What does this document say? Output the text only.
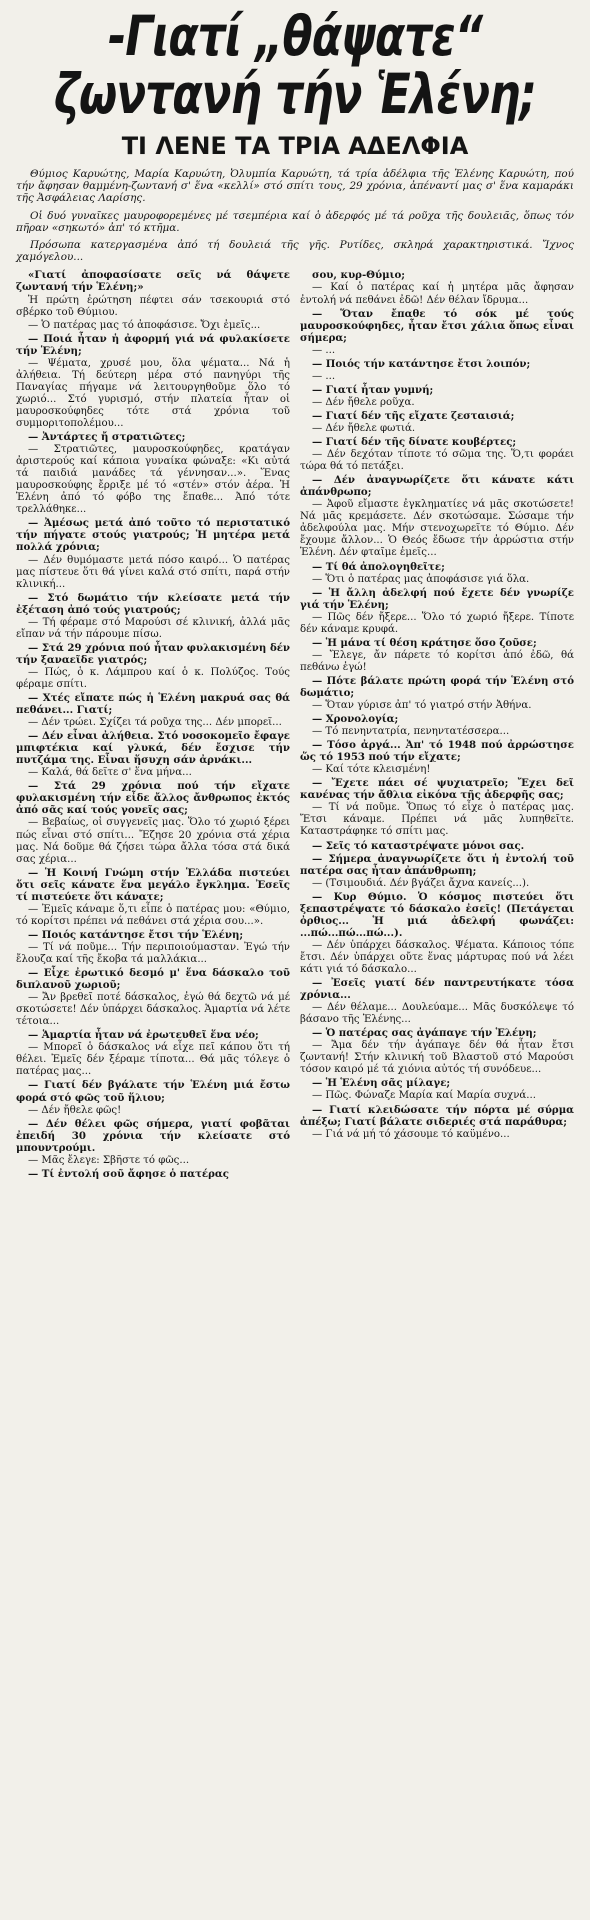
-Γιατί „θάψατε“
ζωντανή τήν Ἑλένη;
ΤΙ ΛΕΝΕ ΤΑ ΤΡΙΑ ΑΔΕΛΦΙΑ

Θύμιος Καρυώτης, Μαρία Καρυώτη, Ὀλυμπία Καρυώτη, τά τρία ἀδέλφια τῆς Ἑλένης Καρυώτη, πού τήν ἄφησαν θαμμένη-ζωντανή σ' ἕνα «κελλί» στό σπίτι τους, 29 χρόνια, ἀπέναντί μας σ' ἕνα καμαράκι τῆς Ἀσφάλειας Λαρίσης.

Οἱ δυό γυναῖκες μαυροφορεμένες μέ τσεμπέρια καί ὁ ἀδερφός μέ τά ροῦχα τῆς δουλειᾶς, ὅπως τόν πῆραν «σηκωτό» ἀπ' τό κτῆμα.

Πρόσωπα κατεργασμένα ἀπό τή δουλειά τῆς γῆς. Ρυτίδες, σκληρά χαρακτηριστικά. Ἴχνος χαμόγελου...

«Γιατί ἀποφασίσατε σεῖς νά θάψετε ζωντανή τήν Ἑλένη;»

Ἡ πρώτη ἐρώτηση πέφτει σάν τσεκουριά στό σβέρκο τοῦ Θύμιου.

— Ὁ πατέρας μας τό ἀποφάσισε. Ὄχι ἐμεῖς...

— Ποιά ἦταν ἡ ἀφορμή γιά νά φυλακίσετε τήν Ἑλένη;

— Ψέματα, χρυσέ μου, ὅλα ψέματα... Νά ἡ ἀλήθεια. Τή δεύτερη μέρα στό πανηγύρι τῆς Παναγίας πήγαμε νά λειτουργηθοῦμε ὅλο τό χωριό... Στό γυρισμό, στήν πλατεία ἦταν οἱ μαυροσκούφηδες τότε στά χρόνια τοῦ συμμοριτοπολέμου...

— Ἀντάρτες ἤ στρατιῶτες;

— Στρατιῶτες, μαυροσκούφηδες, κρατάγαν ἀριστερούς καί κάποια γυναίκα φώναξε: «Κι αὐτά τά παιδιά μανάδες τά γέννησαν...». Ἕνας μαυροσκούφης ἔρριξε μέ τό «στέν» στόν ἀέρα. Ἡ Ἑλένη ἀπό τό φόβο της ἔπαθε... Ἀπό τότε τρελλάθηκε...

— Ἀμέσως μετά ἀπό τοῦτο τό περιστατικό τήν πήγατε στούς γιατρούς; Ἡ μητέρα μετά πολλά χρόνια;

— Δέν θυμόμαστε μετά πόσο καιρό... Ὁ πατέρας μας πίστευε ὅτι θά γίνει καλά στό σπίτι, παρά στήν κλινική...

— Στό δωμάτιο τήν κλείσατε μετά τήν ἐξέταση ἀπό τούς γιατρούς;

— Τή φέραμε στό Μαρούσι σέ κλινική, ἀλλά μᾶς εἴπαν νά τήν πάρουμε πίσω.

— Στά 29 χρόνια πού ἦταν φυλακισμένη δέν τήν ξαναεῖδε γιατρός;

— Πώς, ὁ κ. Λάμπρου καί ὁ κ. Πολύζος. Τούς φέραμε σπίτι.

— Χτές εἴπατε πώς ἡ Ἑλένη μακρυά σας θά πεθάνει... Γιατί;

— Δέν τρώει. Σχίζει τά ροῦχα της... Δέν μπορεῖ...

— Δέν εἶναι ἀλήθεια. Στό νοσοκομεῖο ἔφαγε μπιφτέκια καί γλυκά, δέν ἔσχισε τήν πυτζάμα της. Εἶναι ἥσυχη σάν ἀρνάκι...

— Καλά, θά δεῖτε σ' ἕνα μήνα...

— Στά 29 χρόνια πού τήν εἴχατε φυλακισμένη τήν εἶδε ἄλλος ἄνθρωπος ἐκτός ἀπό σᾶς καί τούς γονεῖς σας;

— Βεβαίως, οἱ συγγενεῖς μας. Ὅλο τό χωριό ξέρει πώς εἶναι στό σπίτι... Ἔζησε 20 χρόνια στά χέρια μας. Νά δοῦμε θά ζήσει τώρα ἄλλα τόσα στά δικά σας χέρια...

— Ἡ Κοινή Γνώμη στήν Ἑλλάδα πιστεύει ὅτι σεῖς κάνατε ἕνα μεγάλο ἔγκλημα. Ἐσεῖς τί πιστεύετε ὅτι κάνατε;

— Ἐμεῖς κάναμε ὅ,τι εἶπε ὁ πατέρας μου: «Θύμιο, τό κορίτσι πρέπει νά πεθάνει στά χέρια σου...».

— Ποιός κατάντησε ἔτσι τήν Ἑλένη;

— Τί νά ποῦμε... Τήν περιποιούμασταν. Ἐγώ τήν ἔλουζα καί τῆς ἔκοβα τά μαλλάκια...

— Εἶχε ἐρωτικό δεσμό μ' ἕνα δάσκαλο τοῦ διπλανοῦ χωριοῦ;

— Ἄν βρεθεῖ ποτέ δάσκαλος, ἐγώ θά δεχτῶ νά μέ σκοτώσετε! Δέν ὑπάρχει δάσκαλος. Ἁμαρτία νά λέτε τέτοια...

— Ἁμαρτία ἦταν νά ἐρωτευθεῖ ἕνα νέο;

— Μπορεῖ ὁ δάσκαλος νά εἶχε πεῖ κάπου ὅτι τή θέλει. Ἐμεῖς δέν ξέραμε τίποτα... Θά μᾶς τόλεγε ὁ πατέρας μας...

— Γιατί δέν βγάλατε τήν Ἑλένη μιά ἔστω φορά στό φῶς τοῦ ἥλιου;

— Δέν ἤθελε φῶς!

— Δέν θέλει φῶς σήμερα, γιατί φοβᾶται ἐπειδή 30 χρόνια τήν κλείσατε στό μπουντρούμι.

— Μᾶς ἔλεγε: Σβῆστε τό φῶς...

— Τί ἐντολή σοῦ ἄφησε ὁ πατέρας

σου, κυρ-Θύμιο;

— Καί ὁ πατέρας καί ἡ μητέρα μᾶς ἄφησαν ἐντολή νά πεθάνει ἐδῶ! Δέν θέλαν ἴδρυμα...

— Ὅταν ἔπαθε τό σόκ μέ τούς μαυροσκούφηδες, ἦταν ἔτσι χάλια ὅπως εἶναι σήμερα;

— ...

— Ποιός τήν κατάντησε ἔτσι λοιπόν;

— ...

— Γιατί ἦταν γυμνή;

— Δέν ἤθελε ροῦχα.

— Γιατί δέν τῆς εἴχατε ζεσταισιά;

— Δέν ἤθελε φωτιά.

— Γιατί δέν τῆς δίνατε κουβέρτες;

— Δέν δεχόταν τίποτε τό σῶμα της. Ὅ,τι φοράει τώρα θά τό πετάξει.

— Δέν ἀναγνωρίζετε ὅτι κάνατε κάτι ἀπάνθρωπο;

— Ἀφοῦ εἴμαστε ἐγκληματίες νά μᾶς σκοτώσετε! Νά μᾶς κρεμάσετε. Δέν σκοτώσαμε. Σώσαμε τήν ἀδελφούλα μας. Μήν στενοχωρεῖτε τό Θύμιο. Δέν ἔχουμε ἄλλον... Ὁ Θεός ἔδωσε τήν ἀρρώστια στήν Ἑλένη. Δέν φταῖμε ἐμεῖς...

— Τί θά ἀπολογηθεῖτε;

— Ὅτι ὁ πατέρας μας ἀποφάσισε γιά ὅλα.

— Ἡ ἄλλη ἀδελφή πού ἔχετε δέν γνωρίζε γιά τήν Ἑλένη;

— Πῶς δέν ἤξερε... Ὅλο τό χωριό ἤξερε. Τίποτε δέν κάναμε κρυφά.

— Ἡ μάνα τί θέση κράτησε ὅσο ζοῦσε;

— Ἔλεγε, ἄν πάρετε τό κορίτσι ἀπό ἐδῶ, θά πεθάνω ἐγώ!

— Πότε βάλατε πρώτη φορά τήν Ἑλένη στό δωμάτιο;

— Ὅταν γύρισε ἀπ' τό γιατρό στήν Ἀθήνα.

— Χρονολογία;

— Τό πενηντατρία, πενηντατέσσερα...

— Τόσο ἀργά... Ἀπ' τό 1948 πού ἀρρώστησε ὥς τό 1953 πού τήν εἴχατε;

— Καί τότε κλεισμένη!

— Ἔχετε πάει σέ ψυχιατρεῖο; Ἔχει δεῖ κανένας τήν ἄθλια εἰκόνα τῆς ἀδερφῆς σας;

— Τί νά ποῦμε. Ὅπως τό εἶχε ὁ πατέρας μας. Ἔτσι κάναμε. Πρέπει νά μᾶς λυπηθεῖτε. Καταστράφηκε τό σπίτι μας.

— Σεῖς τό καταστρέψατε μόνοι σας.

— Σήμερα ἀναγνωρίζετε ὅτι ἡ ἐντολή τοῦ πατέρα σας ἦταν ἀπάνθρωπη;

— (Τσιμουδιά. Δέν βγάζει ἄχνα κανείς...).

— Κυρ Θύμιο. Ὁ κόσμος πιστεύει ὅτι ξεπαστρέψατε τό δάσκαλο ἐσεῖς! (Πετάγεται ὀρθιος... Ἡ μιά ἀδελφή φωνάζει: ...πώ...πώ...πώ...).

— Δέν ὑπάρχει δάσκαλος. Ψέματα. Κάποιος τόπε ἔτσι. Δέν ὑπάρχει οὔτε ἕνας μάρτυρας πού νά λέει κάτι γιά τό δάσκαλο...

— Ἐσεῖς γιατί δέν παντρευτήκατε τόσα χρόνια...

— Δέν θέλαμε... Δουλεύαμε... Μᾶς δυσκόλεψε τό βάσανο τῆς Ἑλένης...

— Ὁ πατέρας σας ἀγάπαγε τήν Ἑλένη;

— Ἄμα δέν τήν ἀγάπαγε δέν θά ἦταν ἔτσι ζωντανή! Στήν κλινική τοῦ Βλαστοῦ στό Μαρούσι τόσον καιρό μέ τά χιόνια αὐτός τή συνόδευε...

— Ἡ Ἑλένη σᾶς μίλαγε;

— Πῶς. Φώναζε Μαρία καί Μαρία συχνά...

— Γιατί κλειδώσατε τήν πόρτα μέ σύρμα ἀπέξω; Γιατί βάλατε σιδεριές στά παράθυρα;

— Γιά νά μή τό χάσουμε τό καϋμένο...
